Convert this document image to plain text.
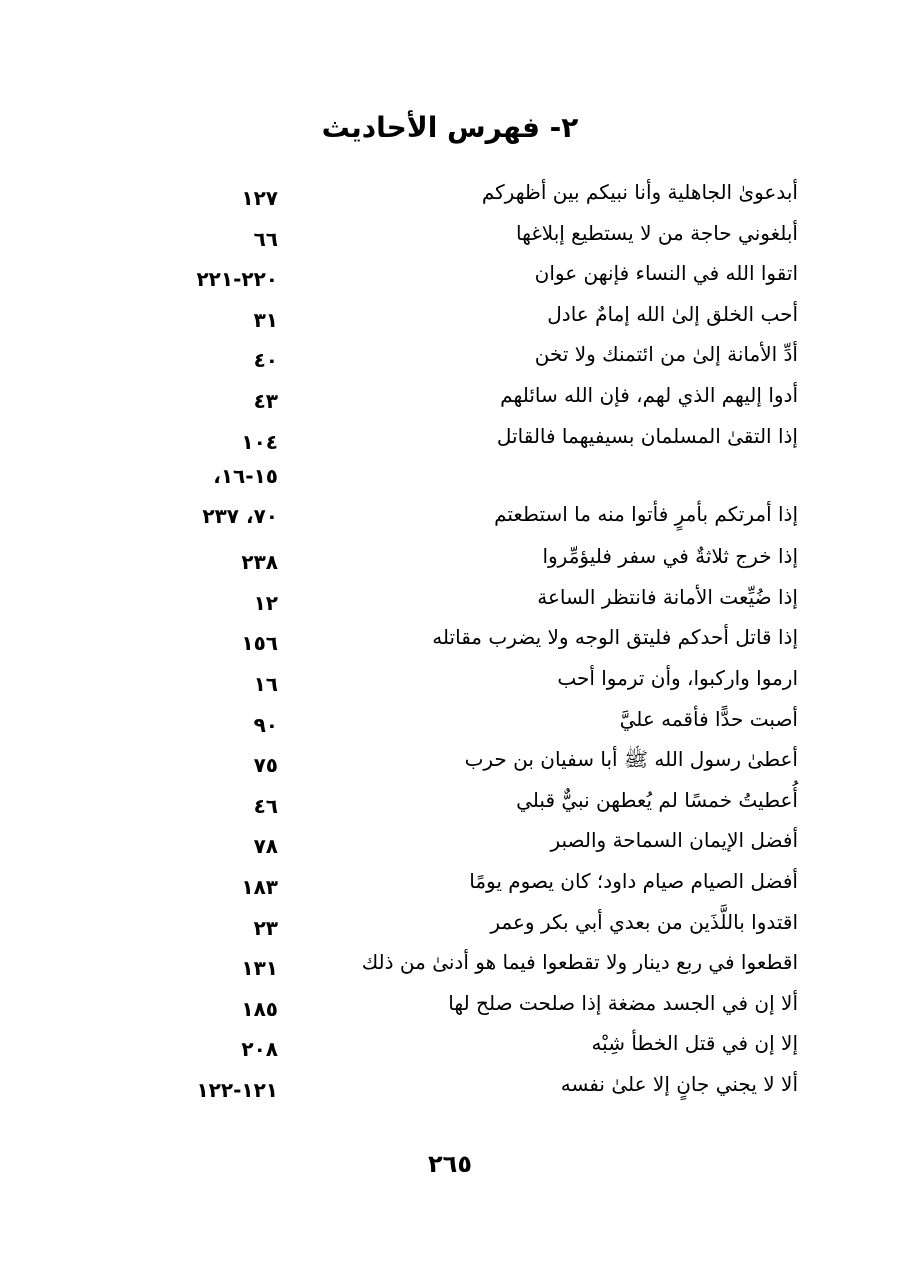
٢- فهرس الأحاديث
أبدعوىٰ الجاهلية وأنا نبيكم بين أظهركم
١٢٧
أبلغوني حاجة من لا يستطيع إبلاغها
٦٦
اتقوا الله في النساء فإنهن عوان
٢٢٠-٢٢١
أحب الخلق إلىٰ الله إمامٌ عادل
٣١
أدِّ الأمانة إلىٰ من ائتمنك ولا تخن
٤٠
أدوا إليهم الذي لهم، فإن الله سائلهم
٤٣
إذا التقىٰ المسلمان بسيفيهما فالقاتل
١٠٤
إذا أمرتكم بأمرٍ فأتوا منه ما استطعتم
١٥-١٦،
٧٠، ٢٣٧
إذا خرج ثلاثةٌ في سفر فليؤمِّروا
٢٣٨
إذا ضُيِّعت الأمانة فانتظر الساعة
١٢
إذا قاتل أحدكم فليتق الوجه ولا يضرب مقاتله
١٥٦
ارموا واركبوا، وأن ترموا أحب
١٦
أصبت حدًّا فأقمه عليَّ
٩٠
أعطىٰ رسول الله ﷺ أبا سفيان بن حرب
٧٥
أُعطيتُ خمسًا لم يُعطهن نبيٌّ قبلي
٤٦
أفضل الإيمان السماحة والصبر
٧٨
أفضل الصيام صيام داود؛ كان يصوم يومًا
١٨٣
اقتدوا باللَّذَين من بعدي أبي بكر وعمر
٢٣
اقطعوا في ربع دينار ولا تقطعوا فيما هو أدنىٰ من ذلك
١٣١
ألا إن في الجسد مضغة إذا صلحت صلح لها
١٨٥
إلا إن في قتل الخطأ شِبْه
٢٠٨
ألا لا يجني جانٍ إلا علىٰ نفسه
١٢١-١٢٢
٢٦٥
